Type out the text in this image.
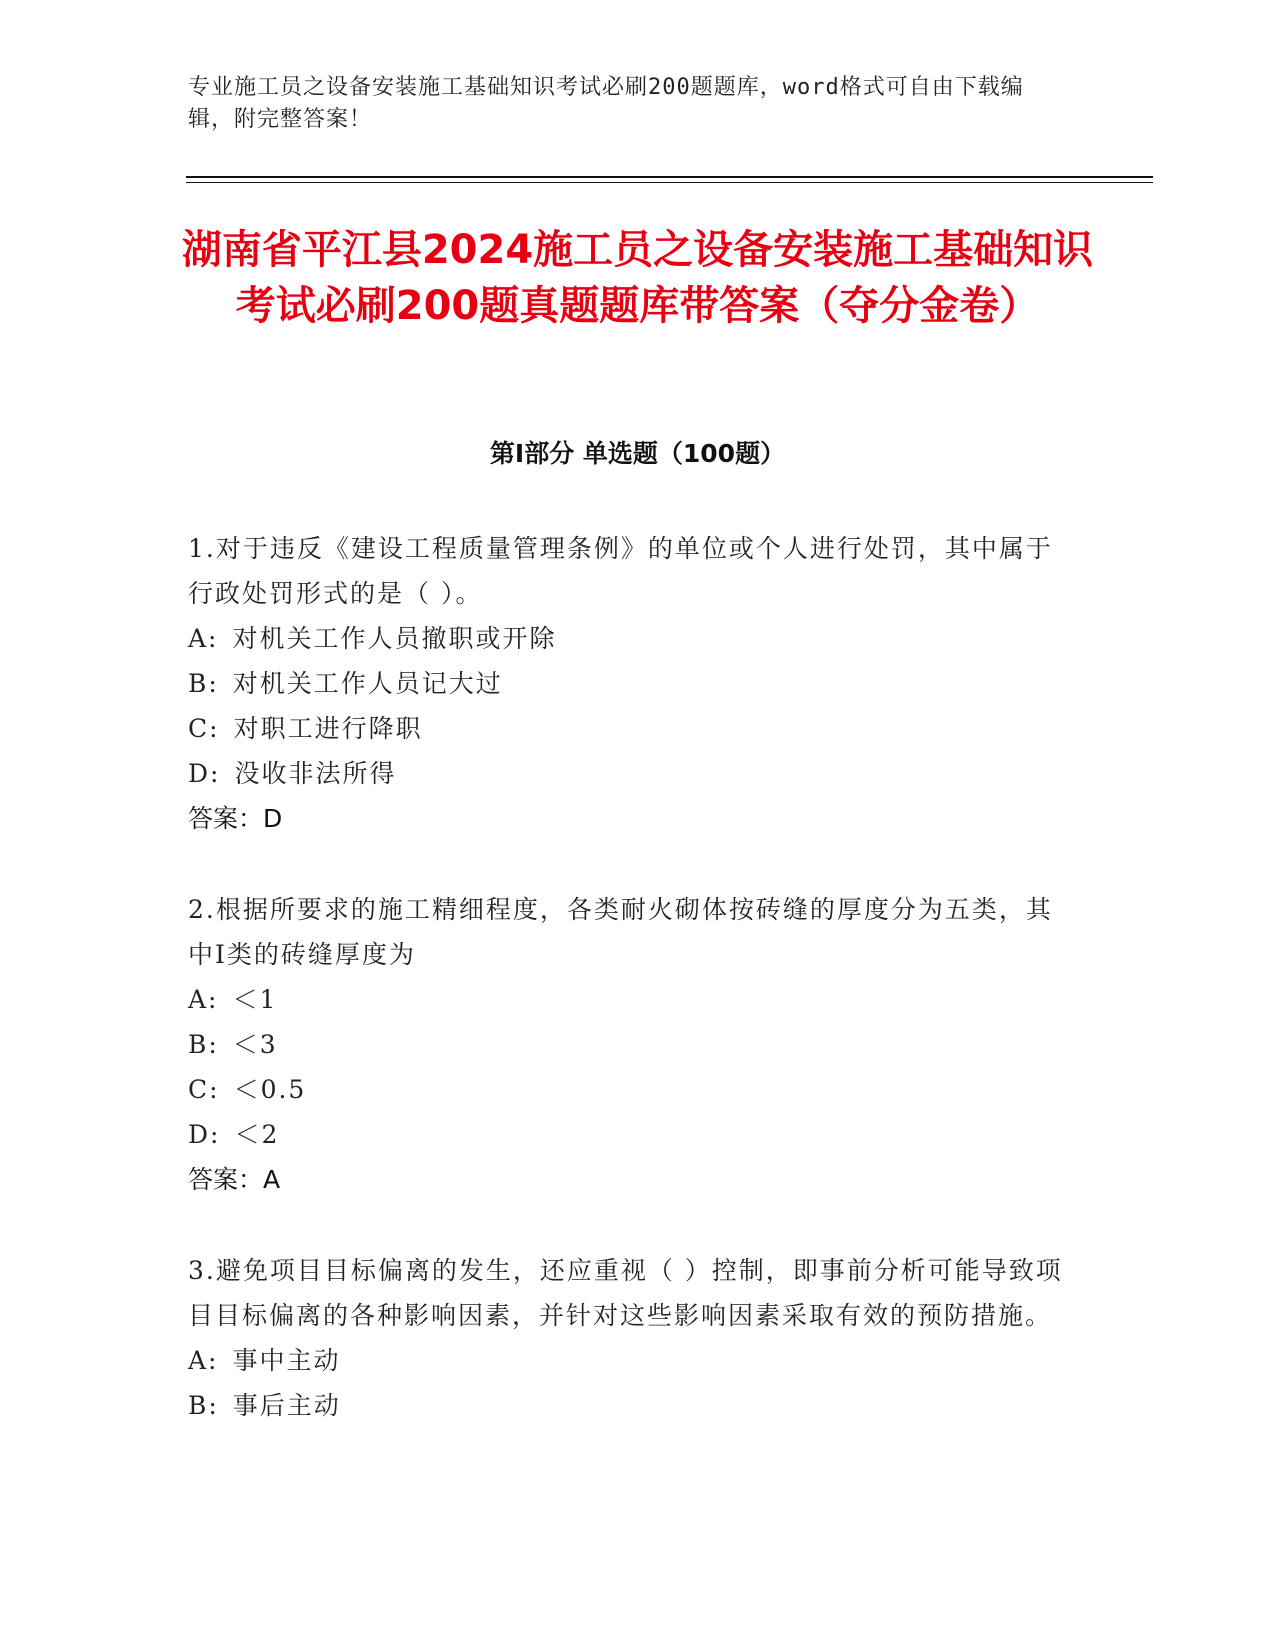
专业施工员之设备安装施工基础知识考试必刷200题题库，word格式可自由下载编辑，附完整答案！
湖南省平江县2024施工员之设备安装施工基础知识考试必刷200题真题题库带答案（夺分金卷）
第Ⅰ部分 单选题（100题）
1.对于违反《建设工程质量管理条例》的单位或个人进行处罚，其中属于行政处罚形式的是（ ）。
A: 对机关工作人员撤职或开除
B: 对机关工作人员记大过
C: 对职工进行降职
D: 没收非法所得
答案：D
2.根据所要求的施工精细程度，各类耐火砌体按砖缝的厚度分为五类，其中Ⅰ类的砖缝厚度为
A: ＜1
B: ＜3
C: ＜0.5
D: ＜2
答案：A
3.避免项目目标偏离的发生，还应重视（ ）控制，即事前分析可能导致项目目标偏离的各种影响因素，并针对这些影响因素采取有效的预防措施。
A: 事中主动
B: 事后主动
